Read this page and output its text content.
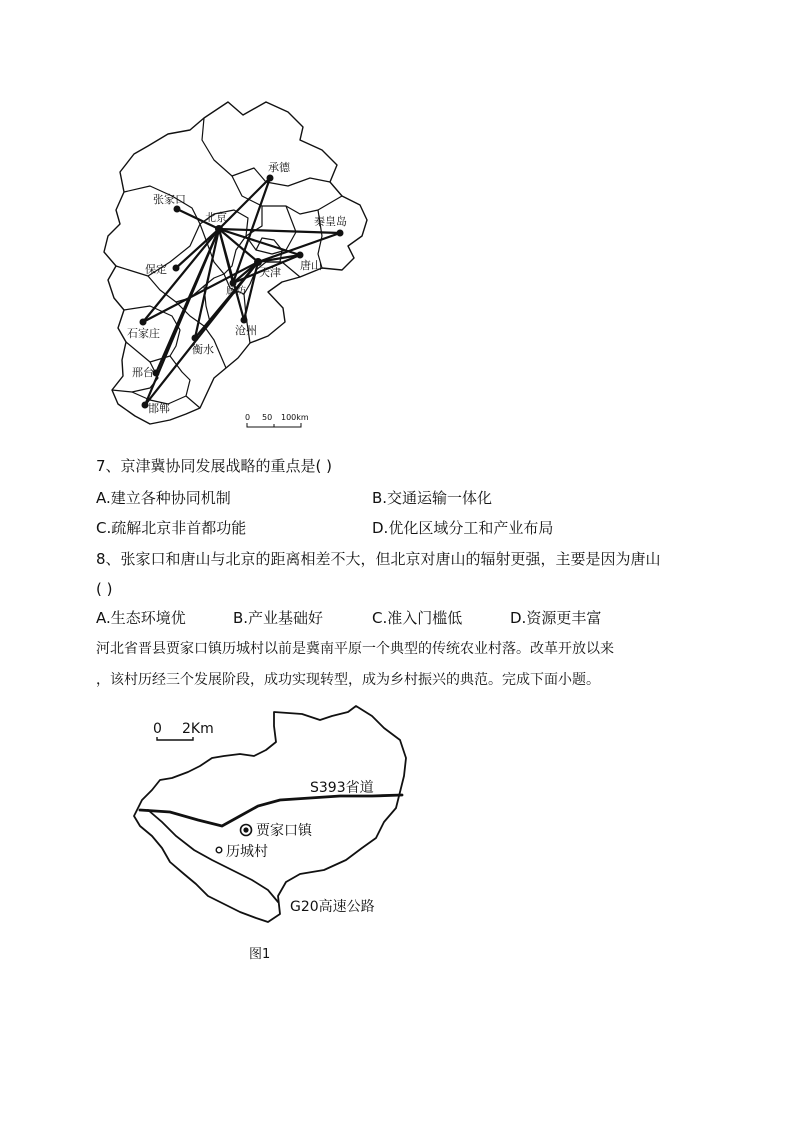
承德
张家口
北京	秦皇岛
天津
唐山
保定
廊坊
沧州
石家庄
衡水
邢台
邯郸
0 50 100km
7、京津冀协同发展战略的重点是( )
A.建立各种协同机制	B.交通运输一体化
C.疏解北京非首都功能	D.优化区域分工和产业布局
8、张家口和唐山与北京的距离相差不大，但北京对唐山的辐射更强，主要是因为唐山
( )
A.生态环境优	B.产业基础好	C.准入门槛低	D.资源更丰富
河北省晋县贾家口镇历城村以前是冀南平原一个典型的传统农业村落。改革开放以来
，该村历经三个发展阶段，成功实现转型，成为乡村振兴的典范。完成下面小题。
0 2Km
S393省道
贾家口镇
历城村
G20高速公路
图1
